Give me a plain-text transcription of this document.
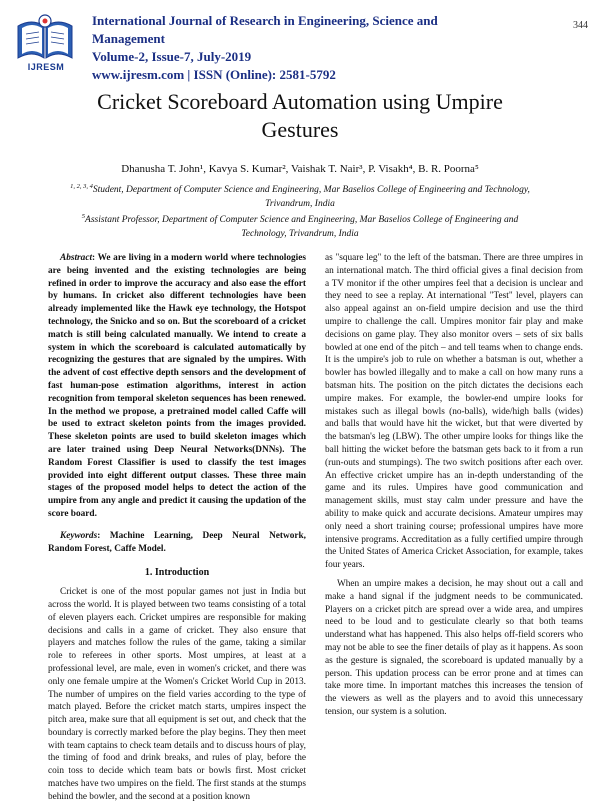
IJRESM
International Journal of Research in Engineering, Science and Management
Volume-2, Issue-7, July-2019
www.ijresm.com | ISSN (Online): 2581-5792
344
Cricket Scoreboard Automation using Umpire
Gestures
Dhanusha T. John¹, Kavya S. Kumar², Vaishak T. Nair³, P. Visakh⁴, B. R. Poorna⁵
$^{1, 2, 3, 4}$Student, Department of Computer Science and Engineering, Mar Baselios College of Engineering and Technology, Trivandrum, India
$^5$Assistant Professor, Department of Computer Science and Engineering, Mar Baselios College of Engineering and Technology, Trivandrum, India

Abstract: We are living in a modern world where technologies are being invented and the existing technologies are being refined in order to improve the accuracy and also ease the effort by humans. In cricket also different technologies have been already implemented like the Hawk eye technology, the Hotspot technology, the Snicko and so on. But the scoreboard of a cricket match is still being calculated manually. We intend to create a system in which the scoreboard is calculated automatically by recognizing the gestures that are signaled by the umpires. With the advent of cost effective depth sensors and the development of fast human-pose estimation algorithms, interest in action recognition from temporal skeleton sequences has been renewed. In the method we propose, a pretrained model called Caffe will be used to extract skeleton points from the images provided. These skeleton points are used to build skeleton images which are later trained using Deep Neural Networks(DNNs). The Random Forest Classifier is used to classify the test images provided into eight different output classes. These three main stages of the proposed model helps to detect the action of the umpire from any angle and predict it causing the updation of the score board.

Keywords: Machine Learning, Deep Neural Network, Random Forest, Caffe Model.

1. Introduction

Cricket is one of the most popular games not just in India but across the world. It is played between two teams consisting of a total of eleven players each. Cricket umpires are responsible for making decisions and calls in a game of cricket. They also ensure that players and matches follow the rules of the game, taking a similar role to referees in other sports. Most umpires, at least at a professional level, are male, even in women's cricket, and there was only one female umpire at the Women's Cricket World Cup in 2013. The number of umpires on the field varies according to the type of match played. Before the cricket match starts, umpires inspect the pitch area, make sure that all equipment is set out, and check that the boundary is correctly marked before the play begins. They then meet with team captains to check team details and to discuss hours of play, the timing of food and drink breaks, and rules of play, before the coin toss to decide which team bats or bowls first. Most cricket matches have two umpires on the field. The first stands at the stumps behind the bowler, and the second at a position known

as "square leg" to the left of the batsman. There are three umpires in an international match. The third official gives a final decision from a TV monitor if the other umpires feel that a decision is unclear and they need to see a replay. At international "Test" level, players can also appeal against an on-field umpire decision and use the third umpire to challenge the call. Umpires monitor fair play and make decisions on game play. They also monitor overs – sets of six balls bowled at one end of the pitch – and tell teams when to change ends. It is the umpire's job to rule on whether a batsman is out, whether a bowler has bowled illegally and to make a call on how many runs a batsman hits. The position on the pitch dictates the decisions each umpire makes. For example, the bowler-end umpire looks for mistakes such as illegal bowls (no-balls), wide/high balls (wides) and balls that would have hit the wicket, but that were diverted by the batsman's leg (LBW). The other umpire looks for things like the ball hitting the wicket before the batsman gets back to it from a run (run-outs and stumpings). The two switch positions after each over. An effective cricket umpire has an in-depth understanding of the game and its rules. Umpires have good communication and management skills, must stay calm under pressure and have the ability to make quick and accurate decisions. Amateur umpires may only need a short training course; professional umpires have more intensive programs. Accreditation as a fully certified umpire through the United States of America Cricket Association, for example, takes four years.

When an umpire makes a decision, he may shout out a call and make a hand signal if the judgment needs to be communicated. Players on a cricket pitch are spread over a wide area, and umpires need to be loud and to gesticulate clearly so that both teams understand what has happened. This also helps off-field scorers who may not be able to see the finer details of play as it happens. As soon as the gesture is signaled, the scoreboard is updated manually by a person. This updation process can be error prone and at times can take more time. In important matches this increases the tension of the viewers as well as the players and to avoid this unnecessary tension, our system is a solution.
